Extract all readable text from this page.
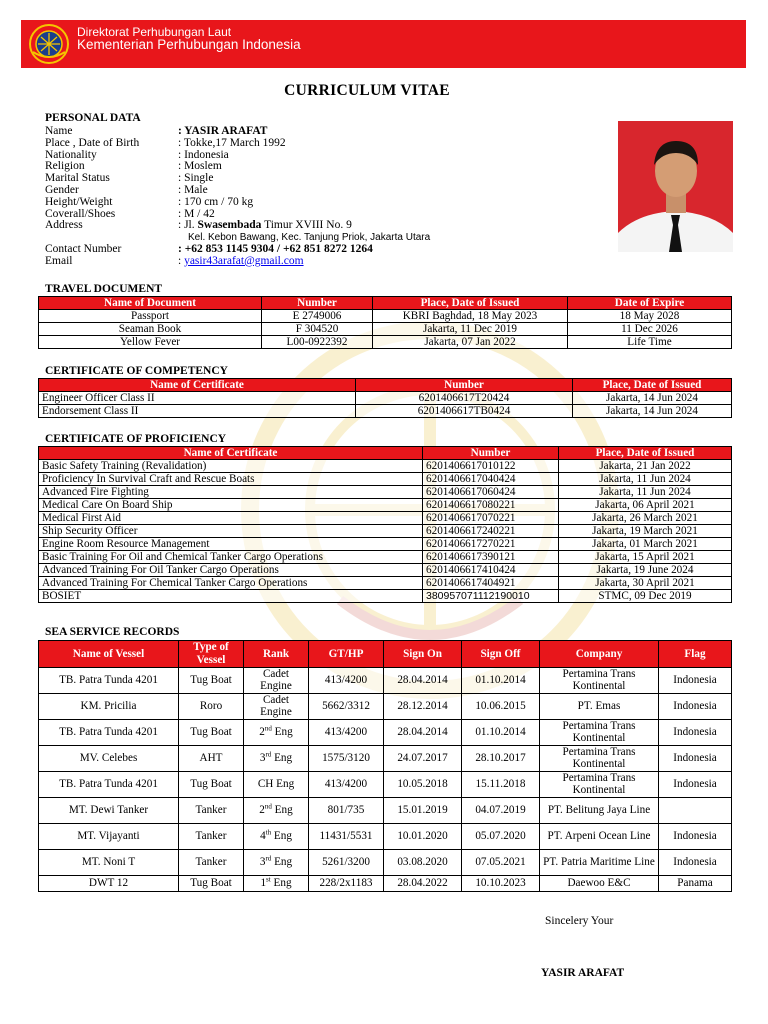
Direktorat Perhubungan Laut
Kementerian Perhubungan Indonesia
CURRICULUM VITAE
PERSONAL DATA
Name	: YASIR ARAFAT
Place , Date of Birth	: Tokke,17 March 1992
Nationality	: Indonesia
Religion	: Moslem
Marital Status	: Single
Gender	: Male
Height/Weight	: 170 cm / 70 kg
Coverall/Shoes	: M / 42
Address	: Jl. Swasembada Timur XVIII No. 9
Kel. Kebon Bawang, Kec. Tanjung Priok, Jakarta Utara
Contact Number	: +62 853 1145 9304 / +62 851 8272 1264
Email	: yasir43arafat@gmail.com
TRAVEL DOCUMENT
Name of Document	Number	Place, Date of Issued	Date of Expire
Passport	E 2749006	KBRI Baghdad, 18 May 2023	18 May 2028
Seaman Book	F 304520	Jakarta, 11 Dec 2019	11 Dec 2026
Yellow Fever	L00-0922392	Jakarta, 07 Jan 2022	Life Time
CERTIFICATE OF COMPETENCY
Name of Certificate	Number	Place, Date of Issued
Engineer Officer Class II	6201406617T20424	Jakarta, 14 Jun 2024
Endorsement Class II	6201406617TB0424	Jakarta, 14 Jun 2024
CERTIFICATE OF PROFICIENCY
Name of Certificate	Number	Place, Date of Issued
Basic Safety Training (Revalidation)	6201406617010122	Jakarta, 21 Jan 2022
Proficiency In Survival Craft and Rescue Boats	6201406617040424	Jakarta, 11 Jun 2024
Advanced Fire Fighting	6201406617060424	Jakarta, 11 Jun 2024
Medical Care On Board Ship	6201406617080221	Jakarta, 06 April 2021
Medical First Aid	6201406617070221	Jakarta, 26 March 2021
Ship Security Officer	6201406617240221	Jakarta, 19 March 2021
Engine Room Resource Management	6201406617270221	Jakarta, 01 March 2021
Basic Training For Oil and Chemical Tanker Cargo Operations	6201406617390121	Jakarta, 15 April 2021
Advanced Training For Oil Tanker Cargo Operations	6201406617410424	Jakarta, 19 June 2024
Advanced Training For Chemical Tanker Cargo Operations	6201406617404921	Jakarta, 30 April 2021
BOSIET	380957071112190010	STMC, 09 Dec 2019
SEA SERVICE RECORDS
Name of Vessel	Type of Vessel	Rank	GT/HP	Sign On	Sign Off	Company	Flag
TB. Patra Tunda 4201	Tug Boat	Cadet Engine	413/4200	28.04.2014	01.10.2014	Pertamina Trans Kontinental	Indonesia
KM. Pricilia	Roro	Cadet Engine	5662/3312	28.12.2014	10.06.2015	PT. Emas	Indonesia
TB. Patra Tunda 4201	Tug Boat	2nd Eng	413/4200	28.04.2014	01.10.2014	Pertamina Trans Kontinental	Indonesia
MV. Celebes	AHT	3rd Eng	1575/3120	24.07.2017	28.10.2017	Pertamina Trans Kontinental	Indonesia
TB. Patra Tunda 4201	Tug Boat	CH Eng	413/4200	10.05.2018	15.11.2018	Pertamina Trans Kontinental	Indonesia
MT. Dewi Tanker	Tanker	2nd Eng	801/735	15.01.2019	04.07.2019	PT. Belitung Jaya Line	
MT. Vijayanti	Tanker	4th Eng	11431/5531	10.01.2020	05.07.2020	PT. Arpeni Ocean Line	Indonesia
MT. Noni T	Tanker	3rd Eng	5261/3200	03.08.2020	07.05.2021	PT. Patria Maritime Line	Indonesia
DWT 12	Tug Boat	1st Eng	228/2x1183	28.04.2022	10.10.2023	Daewoo E&C	Panama
Sincelery Your
YASIR ARAFAT
